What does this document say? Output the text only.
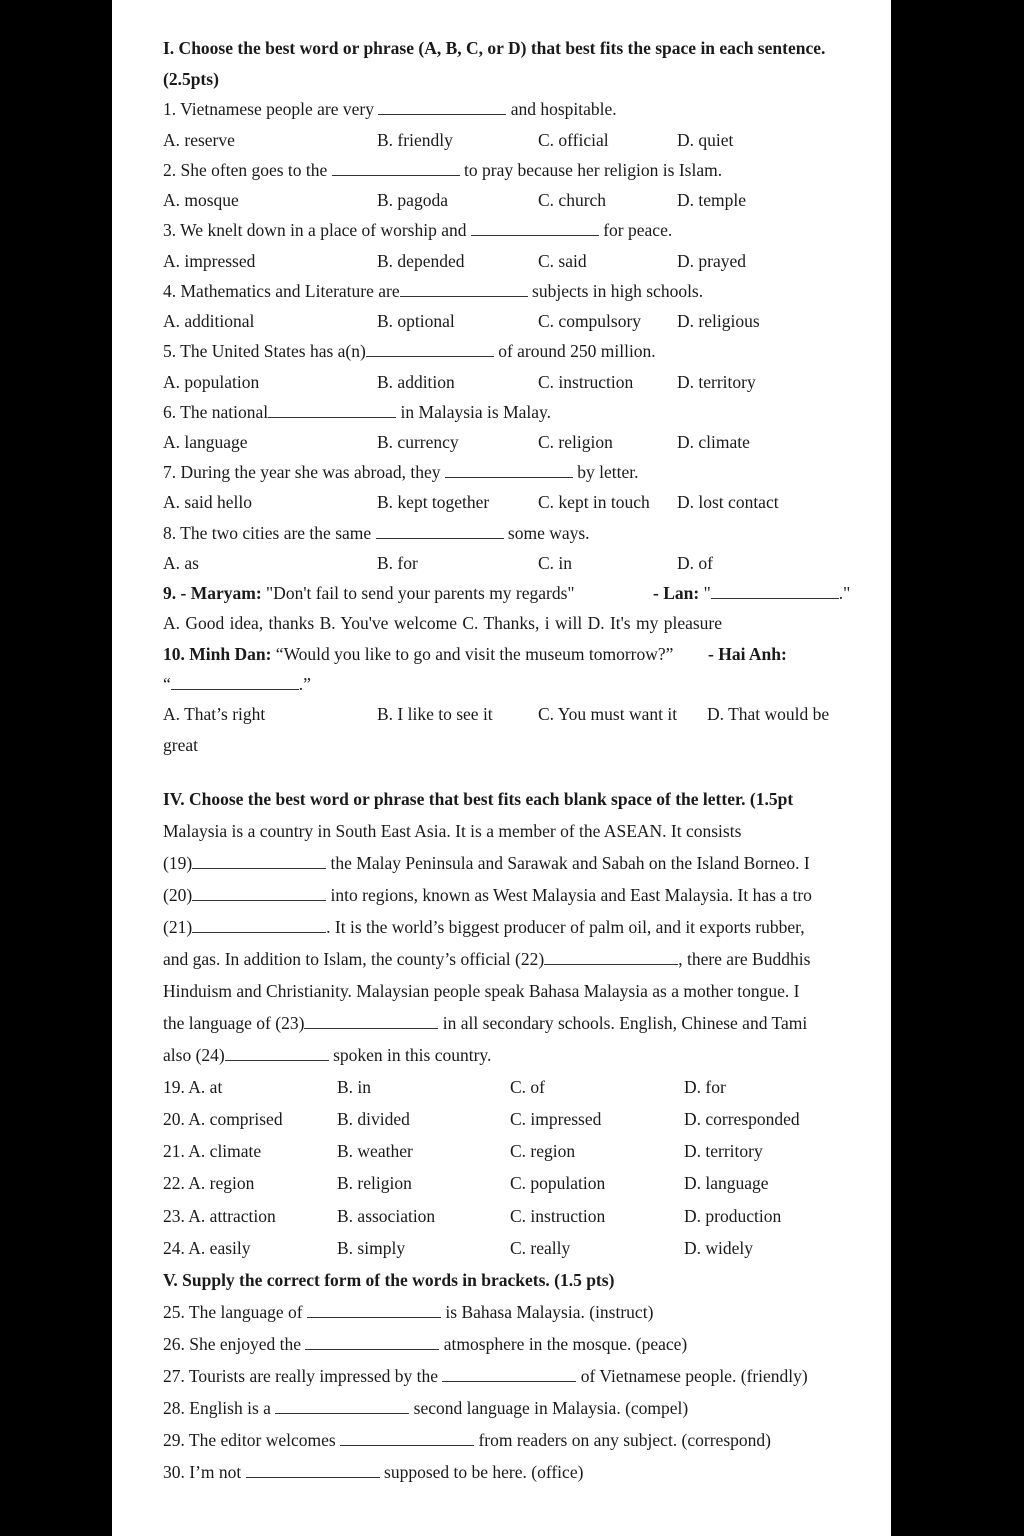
I. Choose the best word or phrase (A, B, C, or D) that best fits the space in each sentence.
(2.5pts)
1. Vietnamese people are very	and hospitable.
A. reserve	B. friendly	C. official	D. quiet
2. She often goes to the	to pray because her religion is Islam.
A. mosque	B. pagoda	C. church	D. temple
3. We knelt down in a place of worship and	for peace.
A. impressed	B. depended	C. said	D. prayed
4. Mathematics and Literature are	subjects in high schools.
A. additional	B. optional	C. compulsory D. religious
5. The United States has a(n)	of around 250 million.
A. population	B. addition	C. instruction D. territory
6. The national	in Malaysia is Malay.
A. language	B. currency	C. religion	D. climate
7. During the year she was abroad, they	by letter.
A. said hello	B. kept together	C. kept in touch D. lost contact
8. The two cities are the same	some ways.
A. as	B. for	C. in	D. of
9. - Maryam: "Don't fail to send your parents my regards"	- Lan: "	."
A. Good idea, thanks B. You've welcome C. Thanks, i will D. It's my pleasure
10. Minh Dan: “Would you like to go and visit the museum tomorrow?” - Hai Anh:
“	.”
A. That’s right	B. I like to see it	C. You must want it D. That would be
great
IV. Choose the best word or phrase that best fits each blank space of the letter. (1.5pt
Malaysia is a country in South East Asia. It is a member of the ASEAN. It consists
(19)	the Malay Peninsula and Sarawak and Sabah on the Island Borneo. I
(20)	into regions, known as West Malaysia and East Malaysia. It has a tro
(21)	. It is the world’s biggest producer of palm oil, and it exports rubber,
and gas. In addition to Islam, the county’s official (22)	, there are Buddhis
Hinduism and Christianity. Malaysian people speak Bahasa Malaysia as a mother tongue. I
the language of (23)	in all secondary schools. English, Chinese and Tami
also (24)	spoken in this country.
19. A. at	B. in	C. of	D. for
20. A. comprised	B. divided	C. impressed	D. corresponded
21. A. climate	B. weather	C. region	D. territory
22. A. region	B. religion	C. population	D. language
23. A. attraction	B. association	C. instruction	D. production
24. A. easily	B. simply	C. really	D. widely
V. Supply the correct form of the words in brackets. (1.5 pts)
25. The language of	is Bahasa Malaysia. (instruct)
26. She enjoyed the	atmosphere in the mosque. (peace)
27. Tourists are really impressed by the	of Vietnamese people. (friendly)
28. English is a	second language in Malaysia. (compel)
29. The editor welcomes	from readers on any subject. (correspond)
30. I’m not	supposed to be here. (office)
